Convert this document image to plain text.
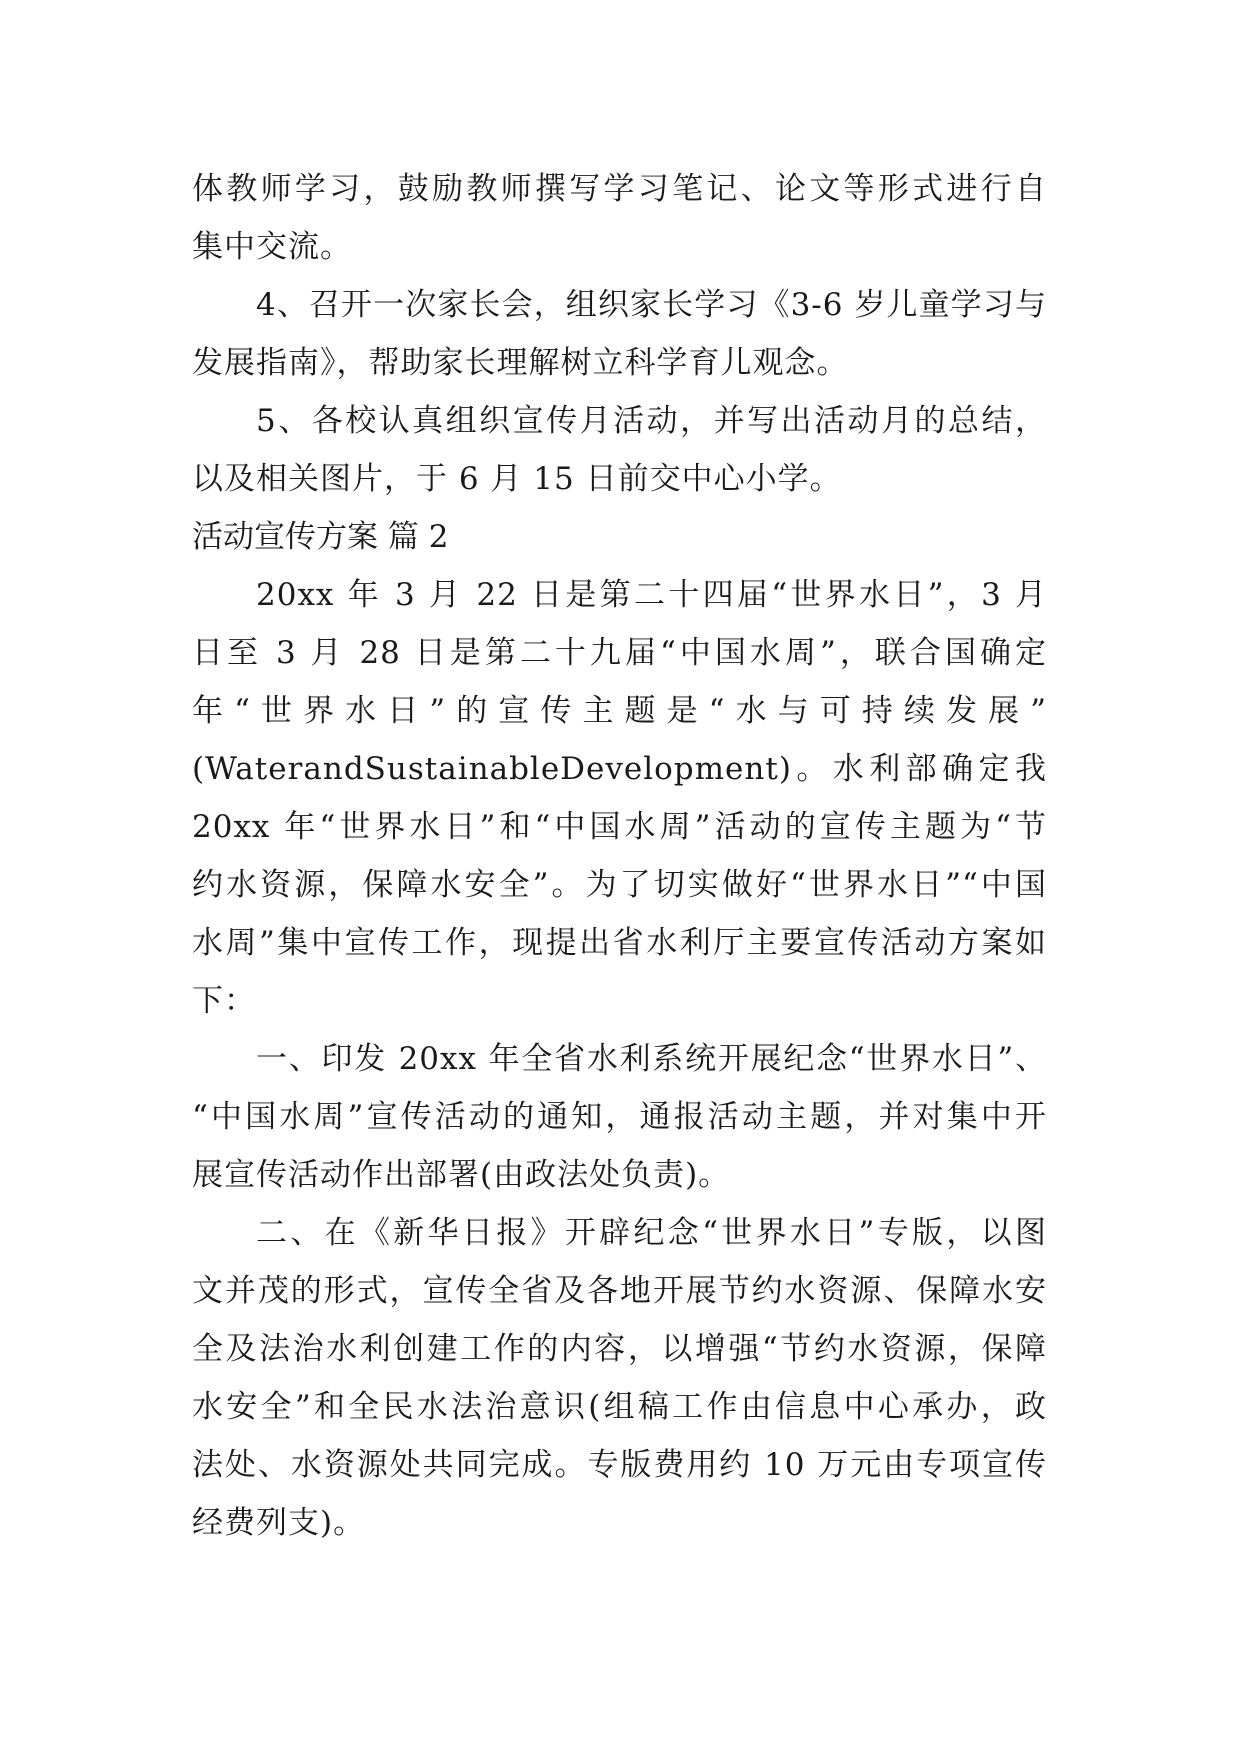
体教师学习，鼓励教师撰写学习笔记、论文等形式进行自
集中交流。
4、召开一次家长会，组织家长学习《3-6 岁儿童学习与
发展指南》，帮助家长理解树立科学育儿观念。
5、各校认真组织宣传月活动，并写出活动月的总结，
以及相关图片，于 6 月 15 日前交中心小学。
活动宣传方案 篇 2
20xx 年 3 月 22 日是第二十四届“世界水日”，3 月
日至 3 月 28 日是第二十九届“中国水周”，联合国确定
年“世界水日”的宣传主题是“水与可持续发展”
(WaterandSustainableDevelopment)。水利部确定我
20xx 年“世界水日”和“中国水周”活动的宣传主题为“节
约水资源，保障水安全”。为了切实做好“世界水日”“中国
水周”集中宣传工作，现提出省水利厅主要宣传活动方案如
下：
一、印发 20xx 年全省水利系统开展纪念“世界水日”、
“中国水周”宣传活动的通知，通报活动主题，并对集中开
展宣传活动作出部署(由政法处负责)。
二、在《新华日报》开辟纪念“世界水日”专版，以图
文并茂的形式，宣传全省及各地开展节约水资源、保障水安
全及法治水利创建工作的内容，以增强“节约水资源，保障
水安全”和全民水法治意识(组稿工作由信息中心承办，政
法处、水资源处共同完成。专版费用约 10 万元由专项宣传
经费列支)。
